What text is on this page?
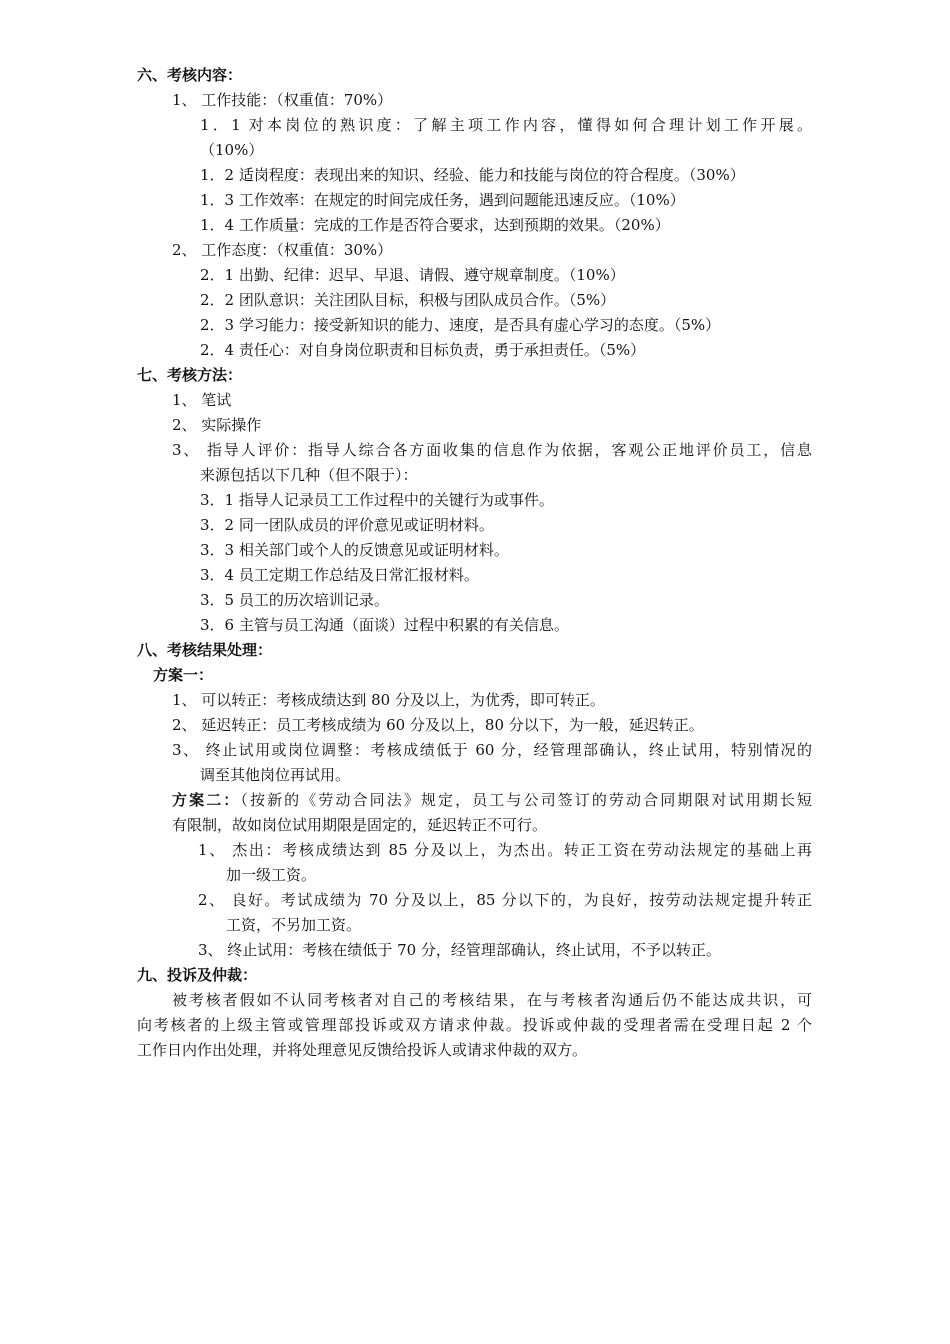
六、考核内容：
1、 工作技能：（权重值：70%）
1．1 对本岗位的熟识度：了解主项工作内容，懂得如何合理计划工作开展。
（10%）
1．2 适岗程度：表现出来的知识、经验、能力和技能与岗位的符合程度。（30%）
1．3 工作效率：在规定的时间完成任务，遇到问题能迅速反应。（10%）
1．4 工作质量：完成的工作是否符合要求，达到预期的效果。（20%）
2、 工作态度：（权重值：30%）
2．1 出勤、纪律：迟早、早退、请假、遵守规章制度。（10%）
2．2 团队意识：关注团队目标，积极与团队成员合作。（5%）
2．3 学习能力：接受新知识的能力、速度，是否具有虚心学习的态度。（5%）
2．4 责任心：对自身岗位职责和目标负责，勇于承担责任。（5%）
七、考核方法：
1、 笔试
2、 实际操作
3、 指导人评价：指导人综合各方面收集的信息作为依据，客观公正地评价员工，信息
来源包括以下几种（但不限于）：
3．1 指导人记录员工工作过程中的关键行为或事件。
3．2 同一团队成员的评价意见或证明材料。
3．3 相关部门或个人的反馈意见或证明材料。
3．4 员工定期工作总结及日常汇报材料。
3．5 员工的历次培训记录。
3．6 主管与员工沟通（面谈）过程中积累的有关信息。
八、考核结果处理：
方案一：
1、 可以转正：考核成绩达到 80 分及以上，为优秀，即可转正。
2、 延迟转正：员工考核成绩为 60 分及以上，80 分以下，为一般，延迟转正。
3、 终止试用或岗位调整：考核成绩低于 60 分，经管理部确认，终止试用，特别情况的
调至其他岗位再试用。
方案二：（按新的《劳动合同法》规定，员工与公司签订的劳动合同期限对试用期长短
有限制，故如岗位试用期限是固定的，延迟转正不可行。
1、 杰出：考核成绩达到 85 分及以上，为杰出。转正工资在劳动法规定的基础上再
加一级工资。
2、 良好。考试成绩为 70 分及以上，85 分以下的，为良好，按劳动法规定提升转正
工资，不另加工资。
3、 终止试用：考核在绩低于 70 分，经管理部确认，终止试用，不予以转正。
九、投诉及仲裁：
被考核者假如不认同考核者对自己的考核结果，在与考核者沟通后仍不能达成共识，可
向考核者的上级主管或管理部投诉或双方请求仲裁。投诉或仲裁的受理者需在受理日起 2 个
工作日内作出处理，并将处理意见反馈给投诉人或请求仲裁的双方。
